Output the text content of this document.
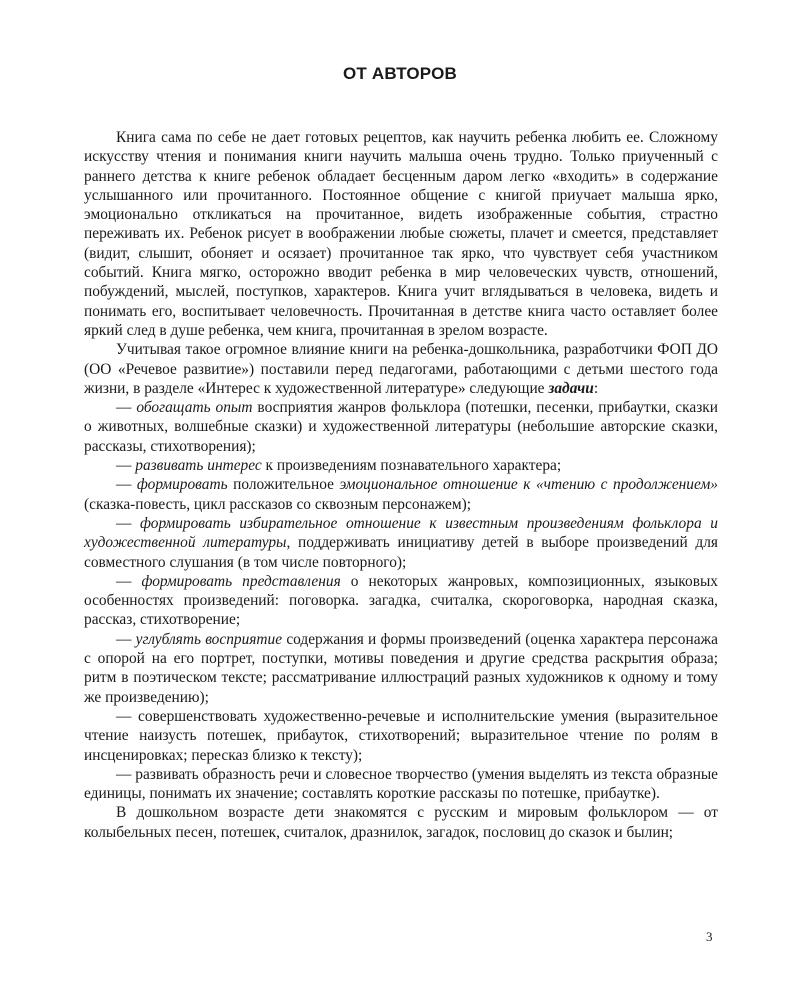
ОТ АВТОРОВ

Книга сама по себе не дает готовых рецептов, как научить ребенка любить ее. Сложному искусству чтения и понимания книги научить малыша очень трудно. Только приученный с раннего детства к книге ребенок обладает бесценным даром легко «входить» в содержание услышанного или прочитанного. Постоянное общение с книгой приучает малыша ярко, эмоционально откликаться на прочитанное, видеть изображенные события, страстно переживать их. Ребенок рисует в воображении любые сюжеты, плачет и смеется, представляет (видит, слышит, обоняет и осязает) прочитанное так ярко, что чувствует себя участником событий. Книга мягко, осторожно вводит ребенка в мир человеческих чувств, отношений, побуждений, мыслей, поступков, характеров. Книга учит вглядываться в человека, видеть и понимать его, воспитывает человечность. Прочитанная в детстве книга часто оставляет более яркий след в душе ребенка, чем книга, прочитанная в зрелом возрасте.

Учитывая такое огромное влияние книги на ребенка-дошкольника, разработчики ФОП ДО (ОО «Речевое развитие») поставили перед педагогами, работающими с детьми шестого года жизни, в разделе «Интерес к художественной литературе» следующие задачи:

— обогащать опыт восприятия жанров фольклора (потешки, песенки, прибаутки, сказки о животных, волшебные сказки) и художественной литературы (небольшие авторские сказки, рассказы, стихотворения);

— развивать интерес к произведениям познавательного характера;

— формировать положительное эмоциональное отношение к «чтению с продолжением» (сказка-повесть, цикл рассказов со сквозным персонажем);

— формировать избирательное отношение к известным произведениям фольклора и художественной литературы, поддерживать инициативу детей в выборе произведений для совместного слушания (в том числе повторного);

— формировать представления о некоторых жанровых, композиционных, языковых особенностях произведений: поговорка. загадка, считалка, скороговорка, народная сказка, рассказ, стихотворение;

— углублять восприятие содержания и формы произведений (оценка характера персонажа с опорой на его портрет, поступки, мотивы поведения и другие средства раскрытия образа; ритм в поэтическом тексте; рассматривание иллюстраций разных художников к одному и тому же произведению);

— совершенствовать художественно-речевые и исполнительские умения (выразительное чтение наизусть потешек, прибауток, стихотворений; выразительное чтение по ролям в инсценировках; пересказ близко к тексту);

— развивать образность речи и словесное творчество (умения выделять из текста образные единицы, понимать их значение; составлять короткие рассказы по потешке, прибаутке).

В дошкольном возрасте дети знакомятся с русским и мировым фольклором — от колыбельных песен, потешек, считалок, дразнилок, загадок, пословиц до сказок и былин;

3
